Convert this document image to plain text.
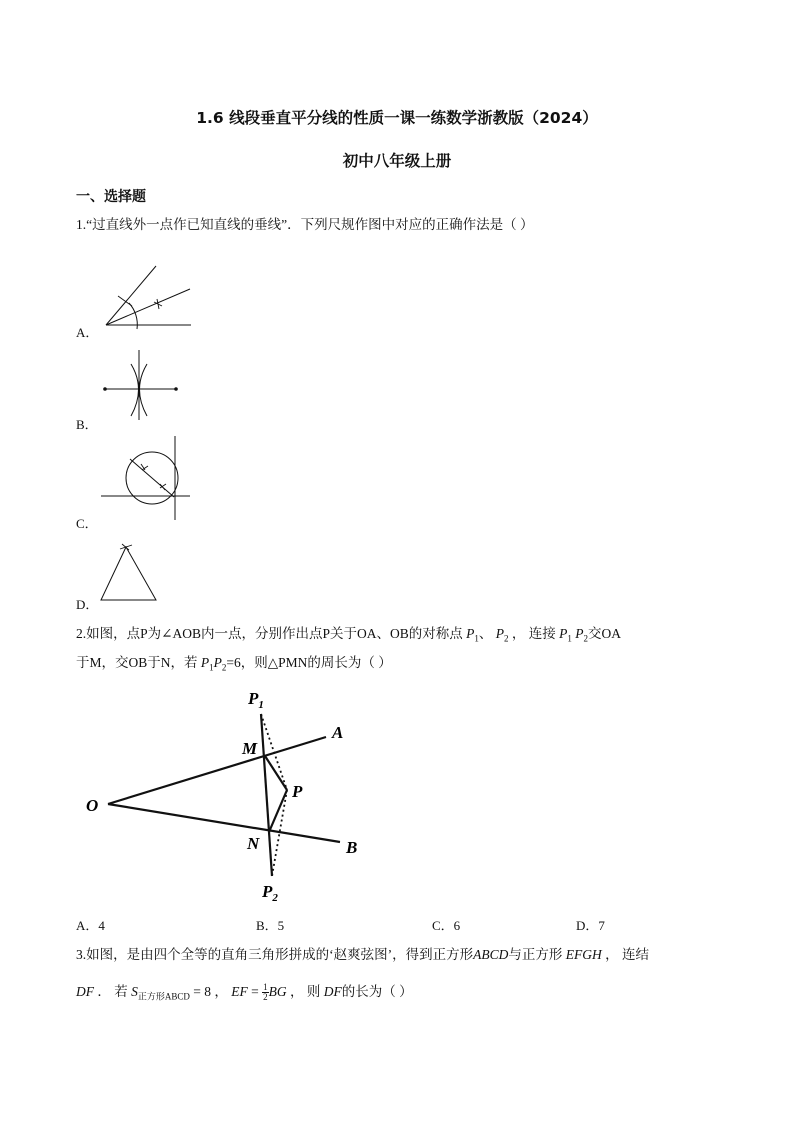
1.6 线段垂直平分线的性质一课一练数学浙教版（2024）
初中八年级上册
一、选择题
1.“过直线外一点作已知直线的垂线”．下列尺规作图中对应的正确作法是（ ）
A．
B．
C．
D．
2.如图，点P为∠AOB内一点，分别作出点P关于OA、OB的对称点 $P_1$、 $P_2$ ， 连接 $P_1$ $P_2$交OA
于M，交OB于N，若 $P_1P_2=6$，则△PMN的周长为（ ）
$P_1$
M
A
O
P
N	B
$P_2$
A．4	B．5	C．6	D．7
3.如图，是由四个全等的直角三角形拼成的‘赵爽弦图’，得到正方形ABCD与正方形 EFGH ， 连结
DF ． 若 $S_{正方形ABCD} = 8$ ， EF = $\frac{1}{2}$ BG ， 则 DF的长为（ ）
